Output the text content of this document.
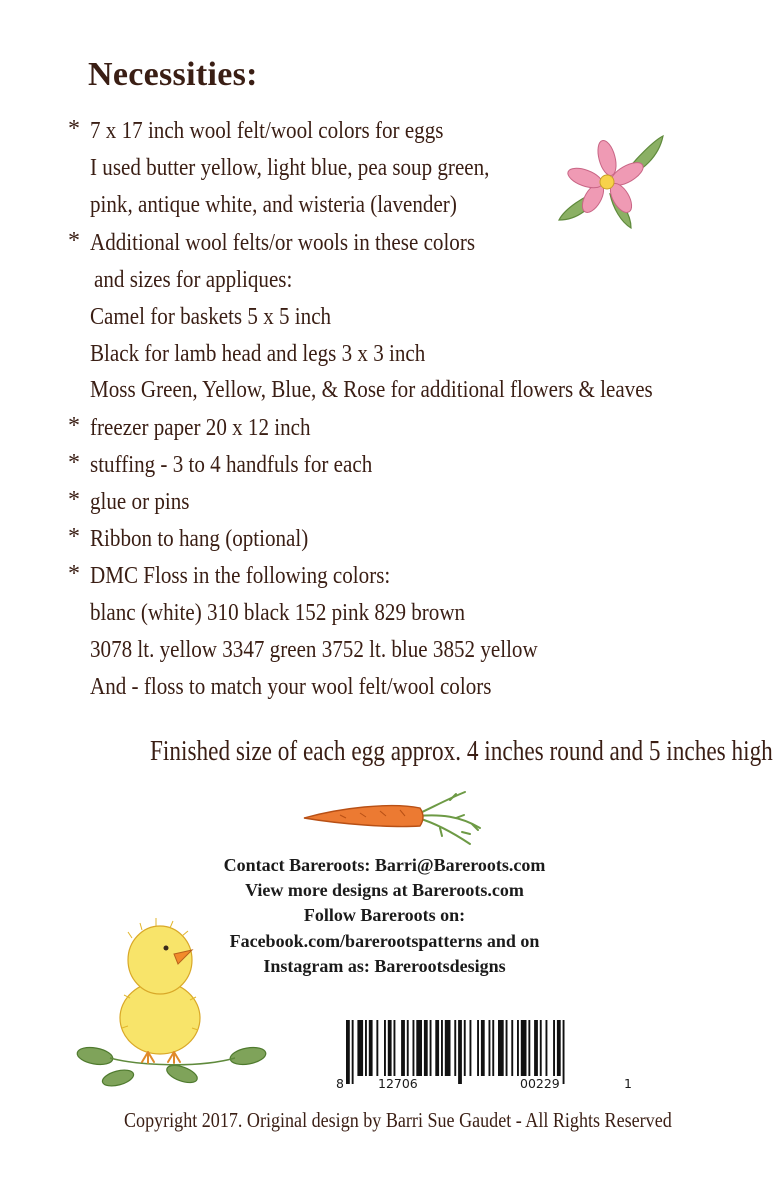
Necessities:
* 7 x 17 inch wool felt/wool colors for eggs
I used butter yellow, light blue, pea soup green,
pink, antique white, and wisteria (lavender)
* Additional wool felts/or wools in these colors
and sizes for appliques:
Camel for baskets 5 x 5 inch
Black for lamb head and legs 3 x 3 inch
Moss Green, Yellow, Blue, & Rose for additional flowers & leaves
* freezer paper 20 x 12 inch
* stuffing - 3 to 4 handfuls for each
* glue or pins
* Ribbon to hang (optional)
* DMC Floss in the following colors:
blanc (white) 310 black 152 pink 829 brown
3078 lt. yellow 3347 green 3752 lt. blue 3852 yellow
And - floss to match your wool felt/wool colors
Finished size of each egg approx. 4 inches round and 5 inches high
Contact Bareroots: Barri@Bareroots.com
View more designs at Bareroots.com
Follow Bareroots on:
Facebook.com/barerootspatterns and on
Instagram as: Barerootsdesigns
8	12706	00229	1
Copyright 2017. Original design by Barri Sue Gaudet - All Rights Reserved
